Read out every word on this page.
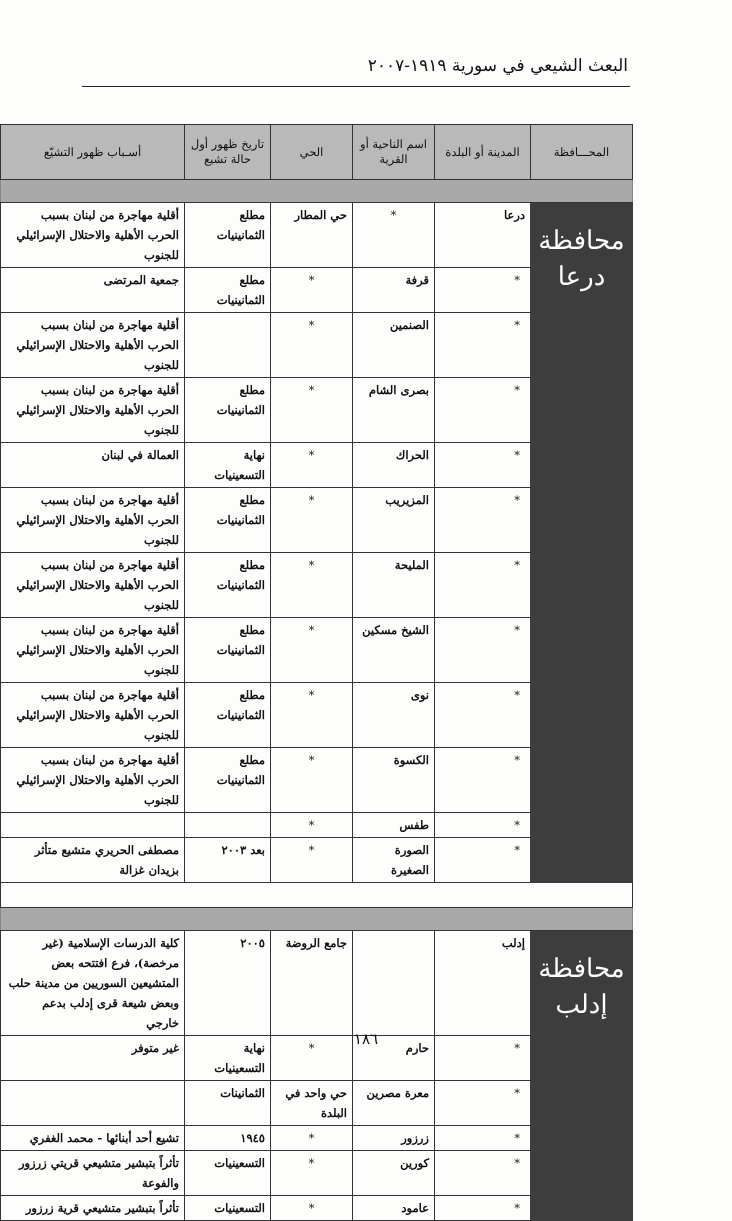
البعث الشيعي في سورية ١٩١٩-٢٠٠٧
المحـــافظة	المدينة أو البلدة	اسم الناحية أو القرية	الحي	تاريخ ظهور أول حالة تشيع	أسـباب ظهور التشيّع

محافظة درعا	درعا	*	حي المطار	مطلع الثمانينيات	أقلية مهاجرة من لبنان بسبب الحرب الأهلية والاحتلال الإسرائيلي للجنوب
	*	قرفة	*	مطلع الثمانينيات	جمعية المرتضى
	*	الصنمين	*		أقلية مهاجرة من لبنان بسبب الحرب الأهلية والاحتلال الإسرائيلي للجنوب
	*	بصرى الشام	*	مطلع الثمانينيات	أقلية مهاجرة من لبنان بسبب الحرب الأهلية والاحتلال الإسرائيلي للجنوب
	*	الحراك	*	نهاية التسعينيات	العمالة في لبنان
	*	المزيريب	*	مطلع الثمانينيات	أقلية مهاجرة من لبنان بسبب الحرب الأهلية والاحتلال الإسرائيلي للجنوب
	*	المليحة	*	مطلع الثمانينيات	أقلية مهاجرة من لبنان بسبب الحرب الأهلية والاحتلال الإسرائيلي للجنوب
	*	الشيخ مسكين	*	مطلع الثمانينيات	أقلية مهاجرة من لبنان بسبب الحرب الأهلية والاحتلال الإسرائيلي للجنوب
	*	نوى	*	مطلع الثمانينيات	أقلية مهاجرة من لبنان بسبب الحرب الأهلية والاحتلال الإسرائيلي للجنوب
	*	الكسوة	*	مطلع الثمانينيات	أقلية مهاجرة من لبنان بسبب الحرب الأهلية والاحتلال الإسرائيلي للجنوب
	*	طفس	*		
	*	الصورة الصغيرة	*	بعد ٢٠٠٣	مصطفى الحريري متشيع متأثر بزيدان غزالة

محافظة إدلب	إدلب		جامع الروضة	٢٠٠٥	كلية الدرسات الإسلامية (غير مرخصة)، فرع افتتحه بعض المتشيعين السوريين من مدينة حلب وبعض شيعة قرى إدلب بدعم خارجي
	*	حارم	*	نهاية التسعينيات	غير متوفر
	*	معرة مصرين	حي واحد في البلدة	الثمانينات	
	*	زرزور	*	١٩٤٥	تشيع أحد أبنائها - محمد الغفري
	*	كورين	*	التسعينيات	تأثراً بتبشير متشيعي قريتي زرزور والفوعة
	*	عامود	*	التسعينيات	تأثراً بتبشير متشيعي قرية زرزور
١٨٦
